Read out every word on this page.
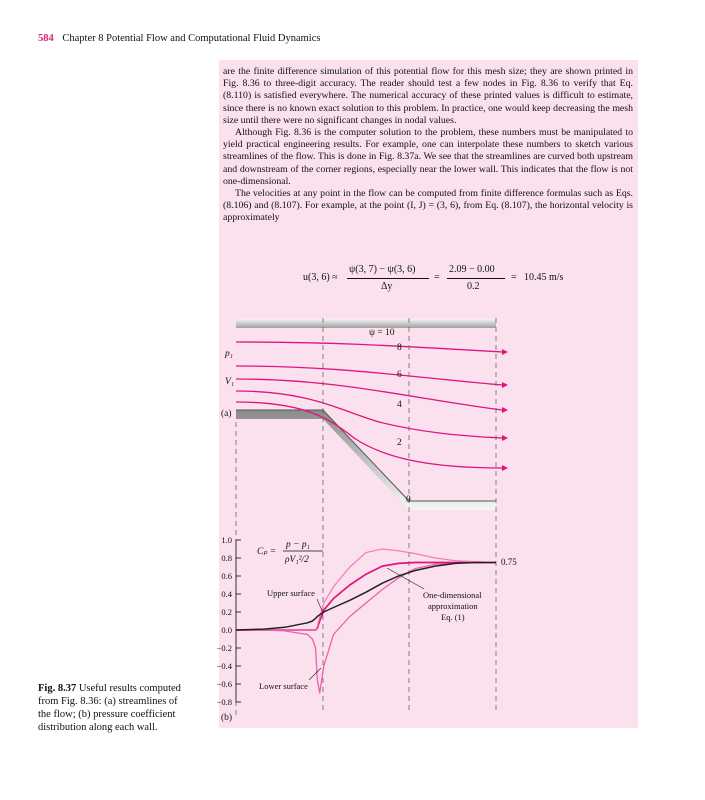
584 Chapter 8 Potential Flow and Computational Fluid Dynamics

are the finite difference simulation of this potential flow for this mesh size; they are shown printed in Fig. 8.36 to three-digit accuracy. The reader should test a few nodes in Fig. 8.36 to verify that Eq. (8.110) is satisfied everywhere. The numerical accuracy of these printed values is difficult to estimate, since there is no known exact solution to this problem. In practice, one would keep decreasing the mesh size until there were no significant changes in nodal values.

Although Fig. 8.36 is the computer solution to the problem, these numbers must be manipulated to yield practical engineering results. For example, one can interpolate these numbers to sketch various streamlines of the flow. This is done in Fig. 8.37a. We see that the streamlines are curved both upstream and downstream of the corner regions, especially near the lower wall. This indicates that the flow is not one-dimensional.

The velocities at any point in the flow can be computed from finite difference formulas such as Eqs. (8.106) and (8.107). For example, at the point (I, J) = (3, 6), from Eq. (8.107), the horizontal velocity is approximately

u(3, 6) ≈
ψ(3, 7) − ψ(3, 6)
Δy
=
2.09 − 0.00
0.2
= 10.45 m/s
(a)
p₁
V₁
ψ = 10
8
6
4
2
0
1.0
0.8
0.6
0.4
0.2
0.0
−0.2
−0.4
−0.6
−0.8
Cₚ =
p − p₁
ρV₁²/2
Upper surface
Lower surface
One-dimensional
approximation
Eq. (1)
0.75
(b)
Fig. 8.37 Useful results computed from Fig. 8.36: (a) streamlines of the flow; (b) pressure coefficient distribution along each wall.
